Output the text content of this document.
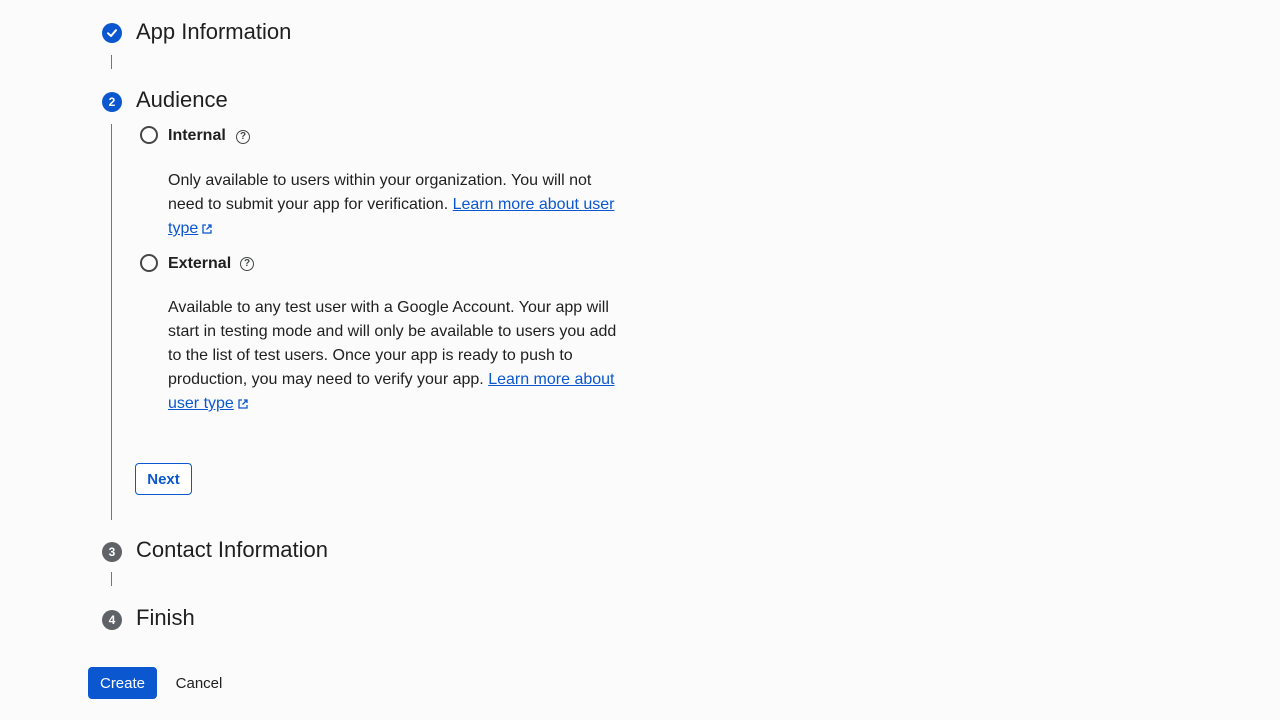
App Information
2 Audience
Internal	?
Only available to users within your organization. You will not need to submit your app for verification. Learn more about user type
External	?
Available to any test user with a Google Account. Your app will start in testing mode and will only be available to users you add to the list of test users. Once your app is ready to push to production, you may need to verify your app. Learn more about user type
Next
3 Contact Information
4 Finish
Create	Cancel
